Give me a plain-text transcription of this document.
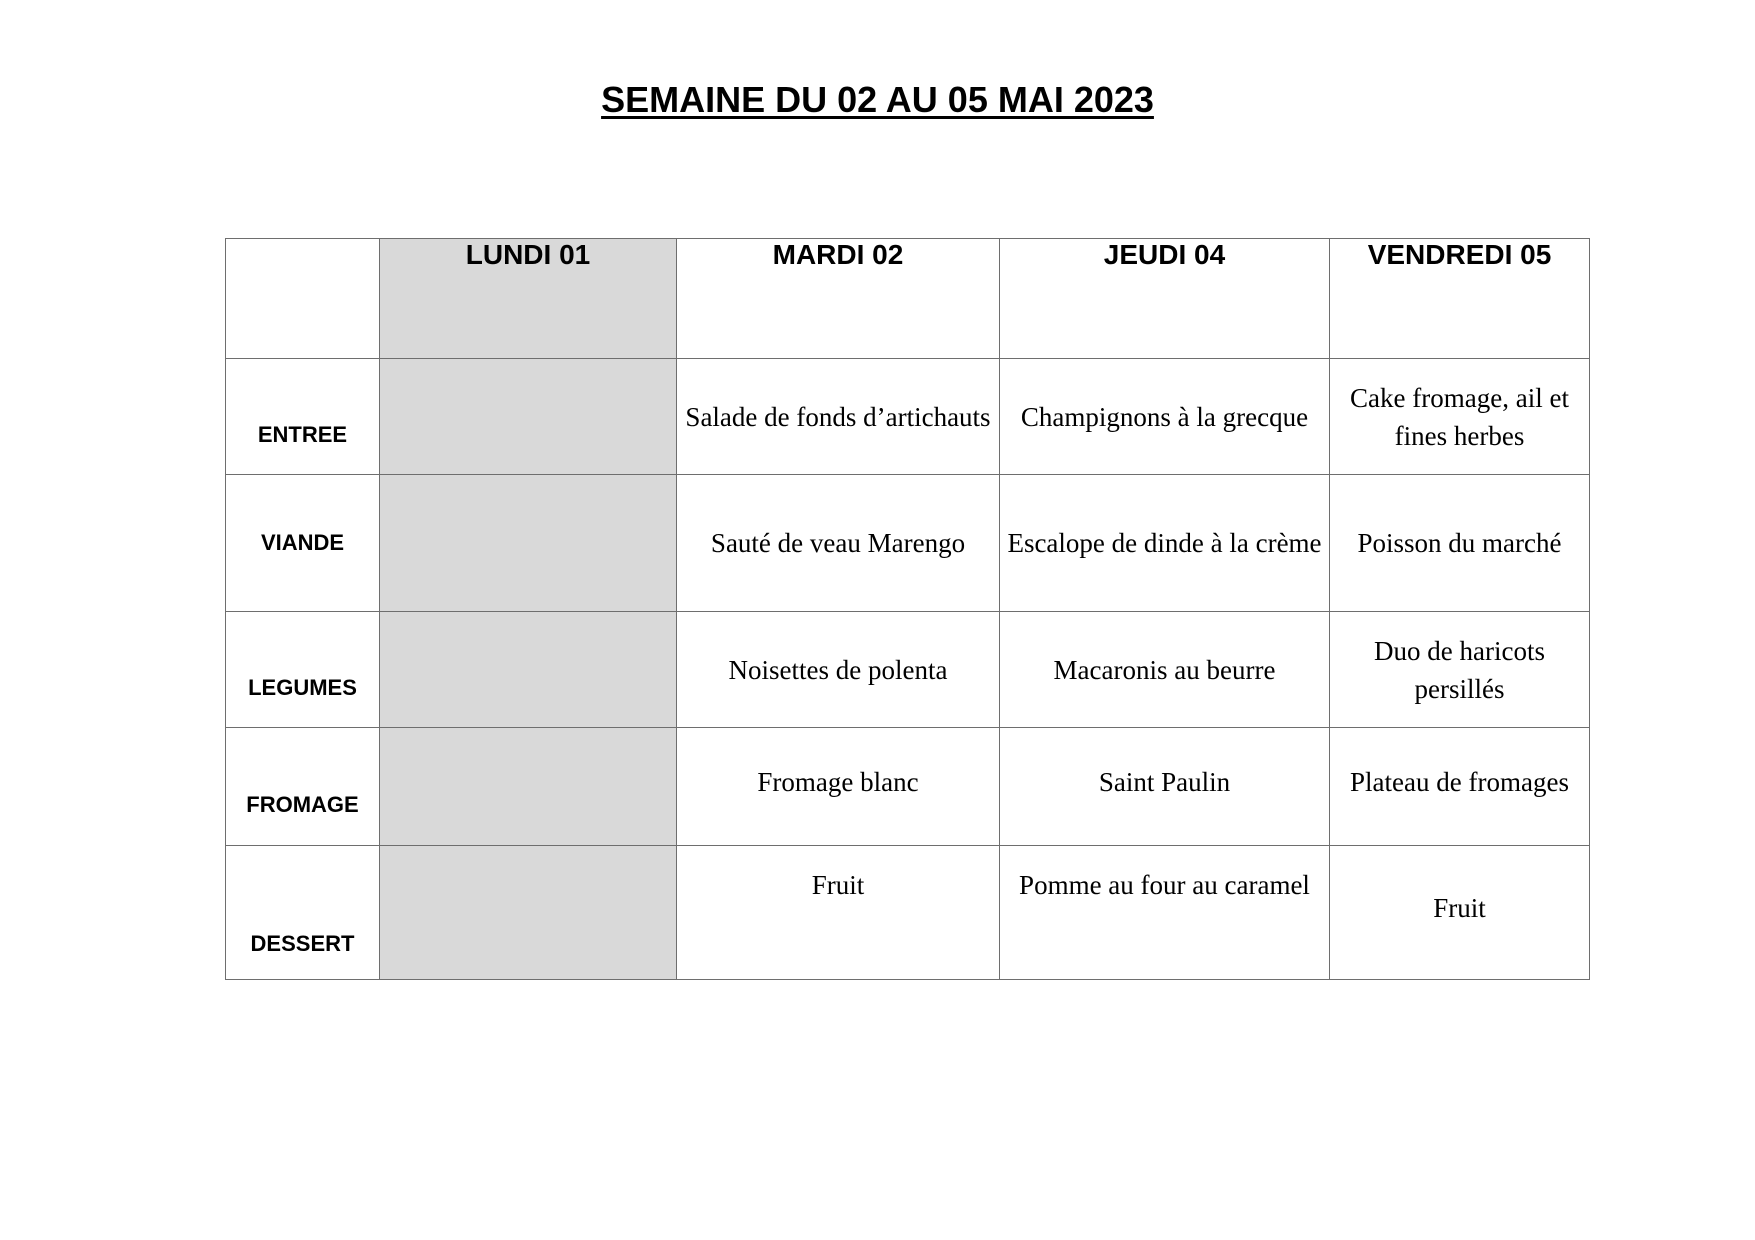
SEMAINE DU 02 AU 05 MAI 2023
	LUNDI 01	MARDI 02	JEUDI 04	VENDREDI 05
ENTREE		Salade de fonds d’artichauts	Champignons à la grecque	Cake fromage, ail et fines herbes
VIANDE		Sauté de veau Marengo	Escalope de dinde à la crème	Poisson du marché
LEGUMES		Noisettes de polenta	Macaronis au beurre	Duo de haricots persillés
FROMAGE		Fromage blanc	Saint Paulin	Plateau de fromages
DESSERT		Fruit	Pomme au four au caramel	Fruit
